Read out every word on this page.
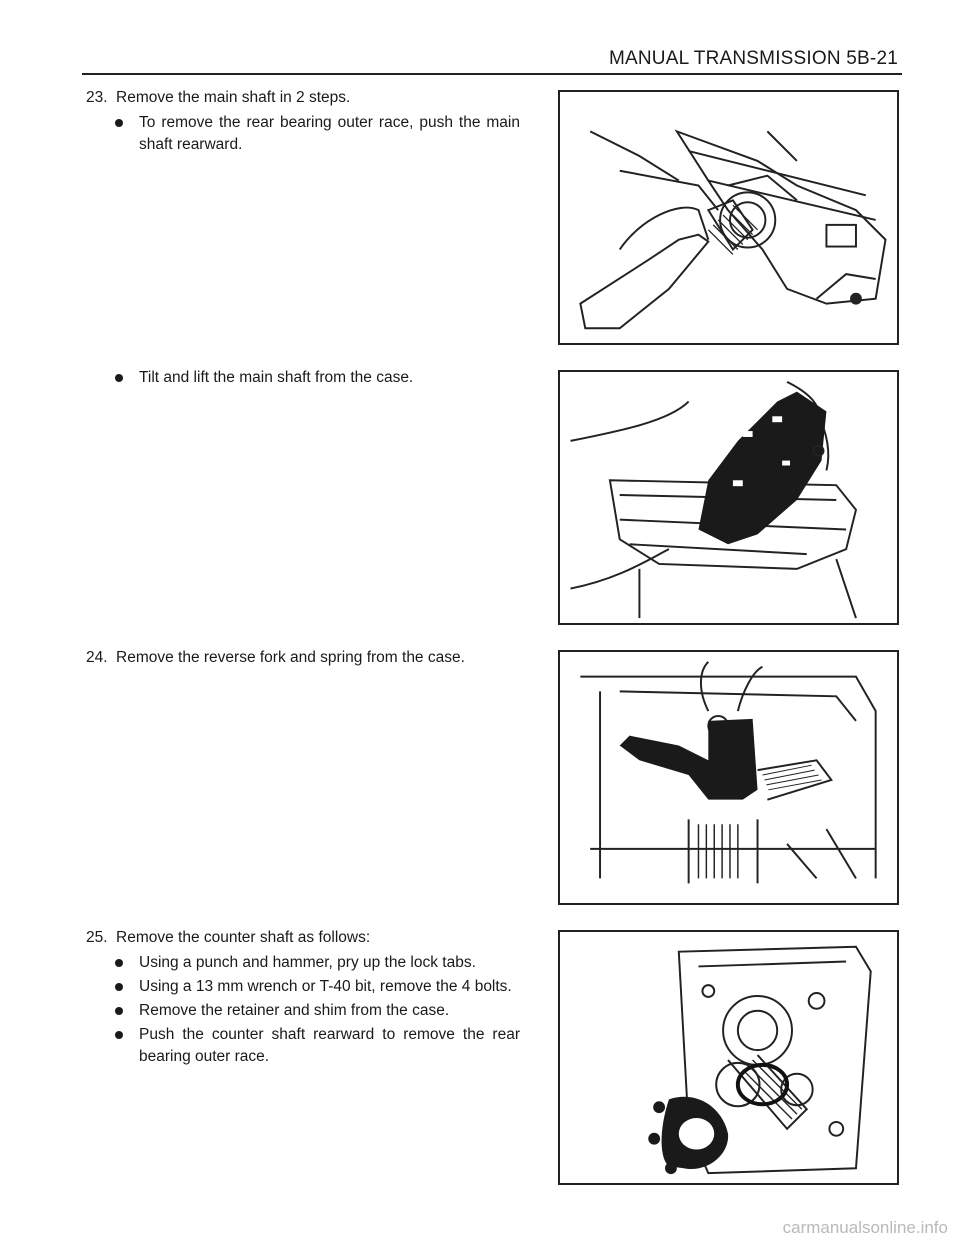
MANUAL TRANSMISSION 5B-21
23. Remove the main shaft in 2 steps.
To remove the rear bearing outer race, push the main shaft rearward.
Tilt and lift the main shaft from the case.
24. Remove the reverse fork and spring from the case.
25. Remove the counter shaft as follows:
Using a punch and hammer, pry up the lock tabs.
Using a 13 mm wrench or T-40 bit, remove the 4 bolts.
Remove the retainer and shim from the case.
Push the counter shaft rearward to remove the rear bearing outer race.
carmanualsonline.info
